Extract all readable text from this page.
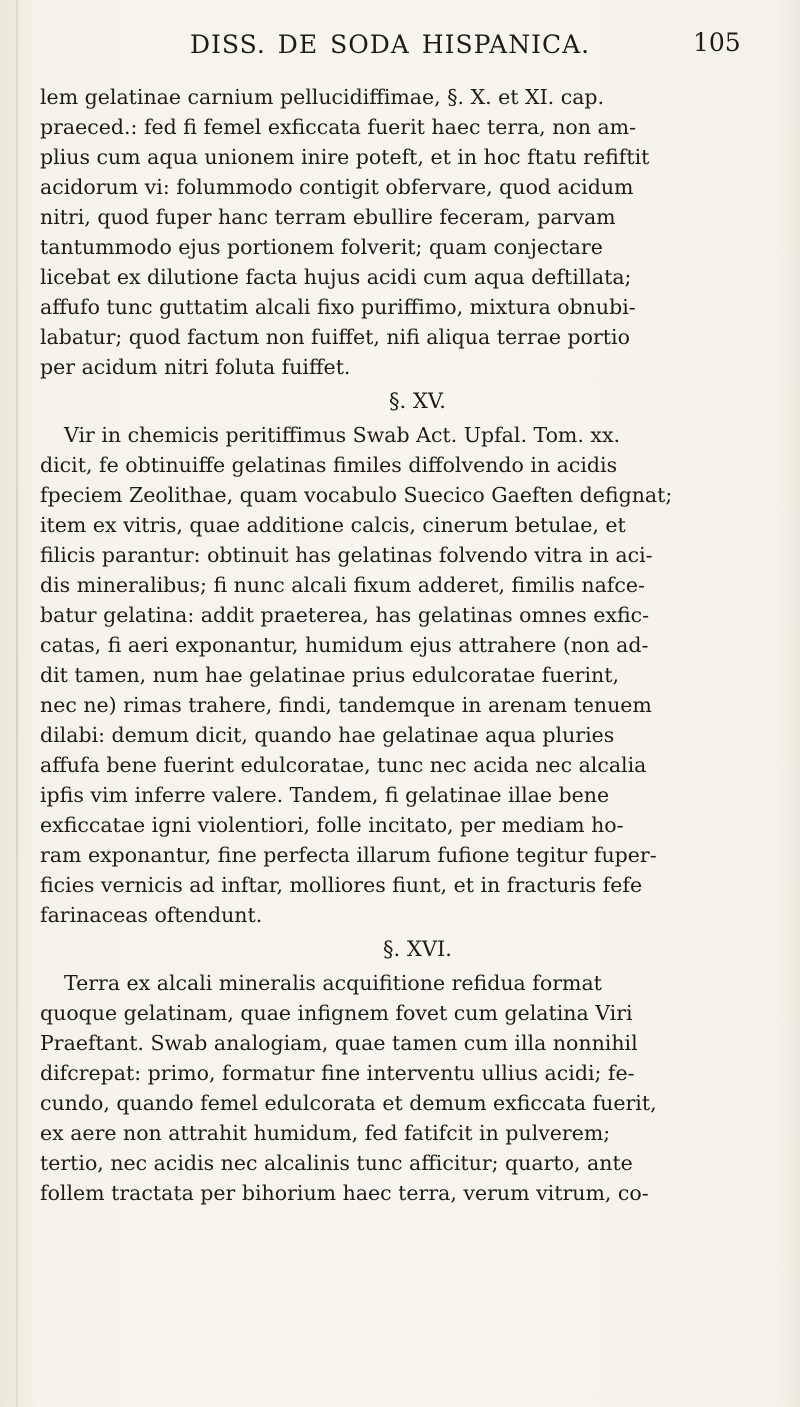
DISS. DE SODA HISPANICA.	105
lem gelatinae carnium pellucidiffimae, §. X. et XI. cap.
praeced.: fed fi femel exficcata fuerit haec terra, non am-
plius cum aqua unionem inire poteft, et in hoc ftatu refiftit
acidorum vi: folummodo contigit obfervare, quod acidum
nitri, quod fuper hanc terram ebullire feceram, parvam
tantummodo ejus portionem folverit; quam conjectare
licebat ex dilutione facta hujus acidi cum aqua deftillata;
affufo tunc guttatim alcali fixo puriffimo, mixtura obnubi-
labatur; quod factum non fuiffet, nifi aliqua terrae portio
per acidum nitri foluta fuiffet.
§. XV.
Vir in chemicis peritiffimus Swab Act. Upfal. Tom. xx.
dicit, fe obtinuiffe gelatinas fimiles diffolvendo in acidis
fpeciem Zeolithae, quam vocabulo Suecico Gaeften defignat;
item ex vitris, quae additione calcis, cinerum betulae, et
filicis parantur: obtinuit has gelatinas folvendo vitra in aci-
dis mineralibus; fi nunc alcali fixum adderet, fimilis nafce-
batur gelatina: addit praeterea, has gelatinas omnes exfic-
catas, fi aeri exponantur, humidum ejus attrahere (non ad-
dit tamen, num hae gelatinae prius edulcoratae fuerint,
nec ne) rimas trahere, findi, tandemque in arenam tenuem
dilabi: demum dicit, quando hae gelatinae aqua pluries
affufa bene fuerint edulcoratae, tunc nec acida nec alcalia
ipfis vim inferre valere. Tandem, fi gelatinae illae bene
exficcatae igni violentiori, folle incitato, per mediam ho-
ram exponantur, fine perfecta illarum fufione tegitur fuper-
ficies vernicis ad inftar, molliores fiunt, et in fracturis fefe
farinaceas oftendunt.
§. XVI.
Terra ex alcali mineralis acquifitione refidua format
quoque gelatinam, quae infignem fovet cum gelatina Viri
Praeftant. Swab analogiam, quae tamen cum illa nonnihil
difcrepat: primo, formatur fine interventu ullius acidi; fe-
cundo, quando femel edulcorata et demum exficcata fuerit,
ex aere non attrahit humidum, fed fatifcit in pulverem;
tertio, nec acidis nec alcalinis tunc afficitur; quarto, ante
follem tractata per bihorium haec terra, verum vitrum, co-
